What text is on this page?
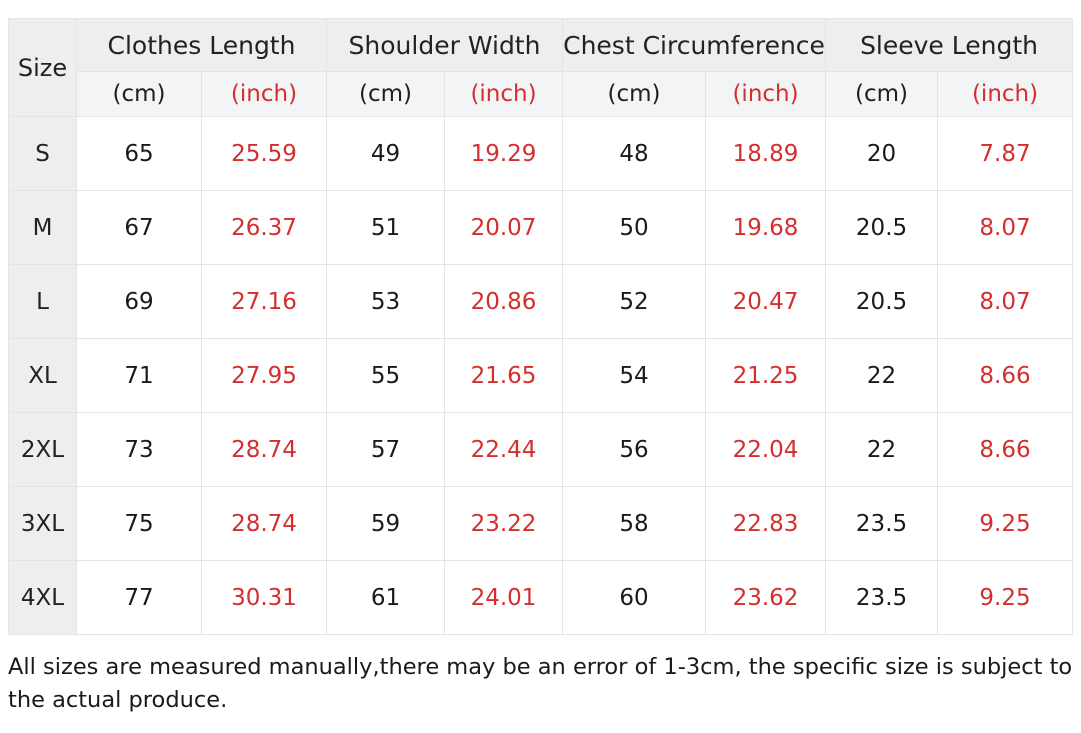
Size	Clothes Length		Shoulder Width		Chest Circumference		Sleeve Length	
	(cm)	(inch)	(cm)	(inch)	(cm)	(inch)	(cm)	(inch)
S	65	25.59	49	19.29	48	18.89	20	7.87
M	67	26.37	51	20.07	50	19.68	20.5	8.07
L	69	27.16	53	20.86	52	20.47	20.5	8.07
XL	71	27.95	55	21.65	54	21.25	22	8.66
2XL	73	28.74	57	22.44	56	22.04	22	8.66
3XL	75	28.74	59	23.22	58	22.83	23.5	9.25
4XL	77	30.31	61	24.01	60	23.62	23.5	9.25

All sizes are measured manually,there may be an error of 1-3cm, the specific size is subject to the actual produce.
